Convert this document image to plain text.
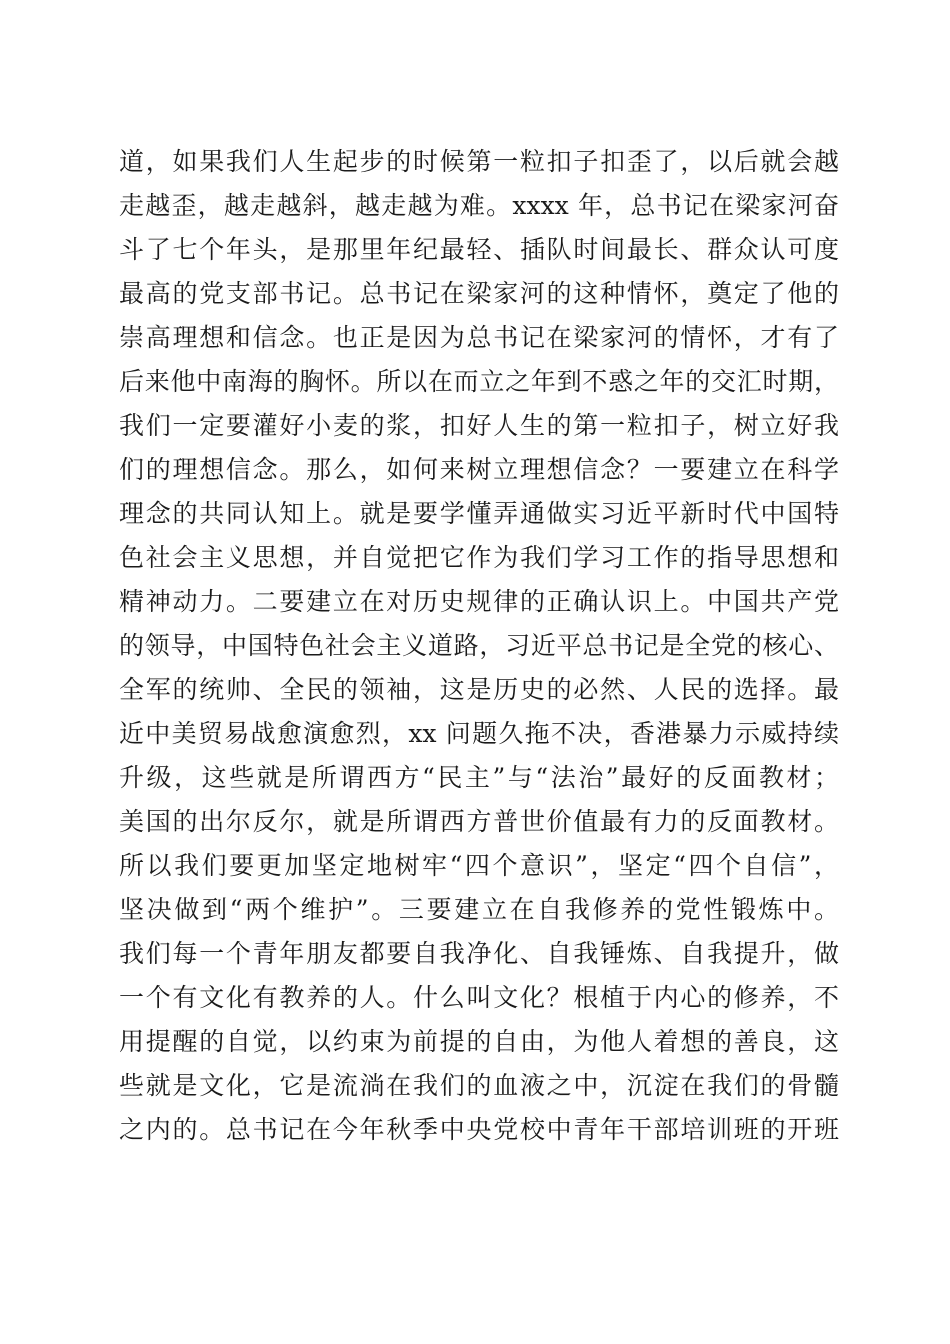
道，如果我们人生起步的时候第一粒扣子扣歪了，以后就会越
走越歪，越走越斜，越走越为难。xxxx 年，总书记在梁家河奋
斗了七个年头，是那里年纪最轻、插队时间最长、群众认可度
最高的党支部书记。总书记在梁家河的这种情怀，奠定了他的
崇高理想和信念。也正是因为总书记在梁家河的情怀，才有了
后来他中南海的胸怀。所以在而立之年到不惑之年的交汇时期，
我们一定要灌好小麦的浆，扣好人生的第一粒扣子，树立好我
们的理想信念。那么，如何来树立理想信念？一要建立在科学
理念的共同认知上。就是要学懂弄通做实习近平新时代中国特
色社会主义思想，并自觉把它作为我们学习工作的指导思想和
精神动力。二要建立在对历史规律的正确认识上。中国共产党
的领导，中国特色社会主义道路，习近平总书记是全党的核心、
全军的统帅、全民的领袖，这是历史的必然、人民的选择。最
近中美贸易战愈演愈烈，xx 问题久拖不决，香港暴力示威持续
升级，这些就是所谓西方“民主”与“法治”最好的反面教材；
美国的出尔反尔，就是所谓西方普世价值最有力的反面教材。
所以我们要更加坚定地树牢“四个意识”，坚定“四个自信”，
坚决做到“两个维护”。三要建立在自我修养的党性锻炼中。
我们每一个青年朋友都要自我净化、自我锤炼、自我提升，做
一个有文化有教养的人。什么叫文化？根植于内心的修养，不
用提醒的自觉，以约束为前提的自由，为他人着想的善良，这
些就是文化，它是流淌在我们的血液之中，沉淀在我们的骨髓
之内的。总书记在今年秋季中央党校中青年干部培训班的开班
